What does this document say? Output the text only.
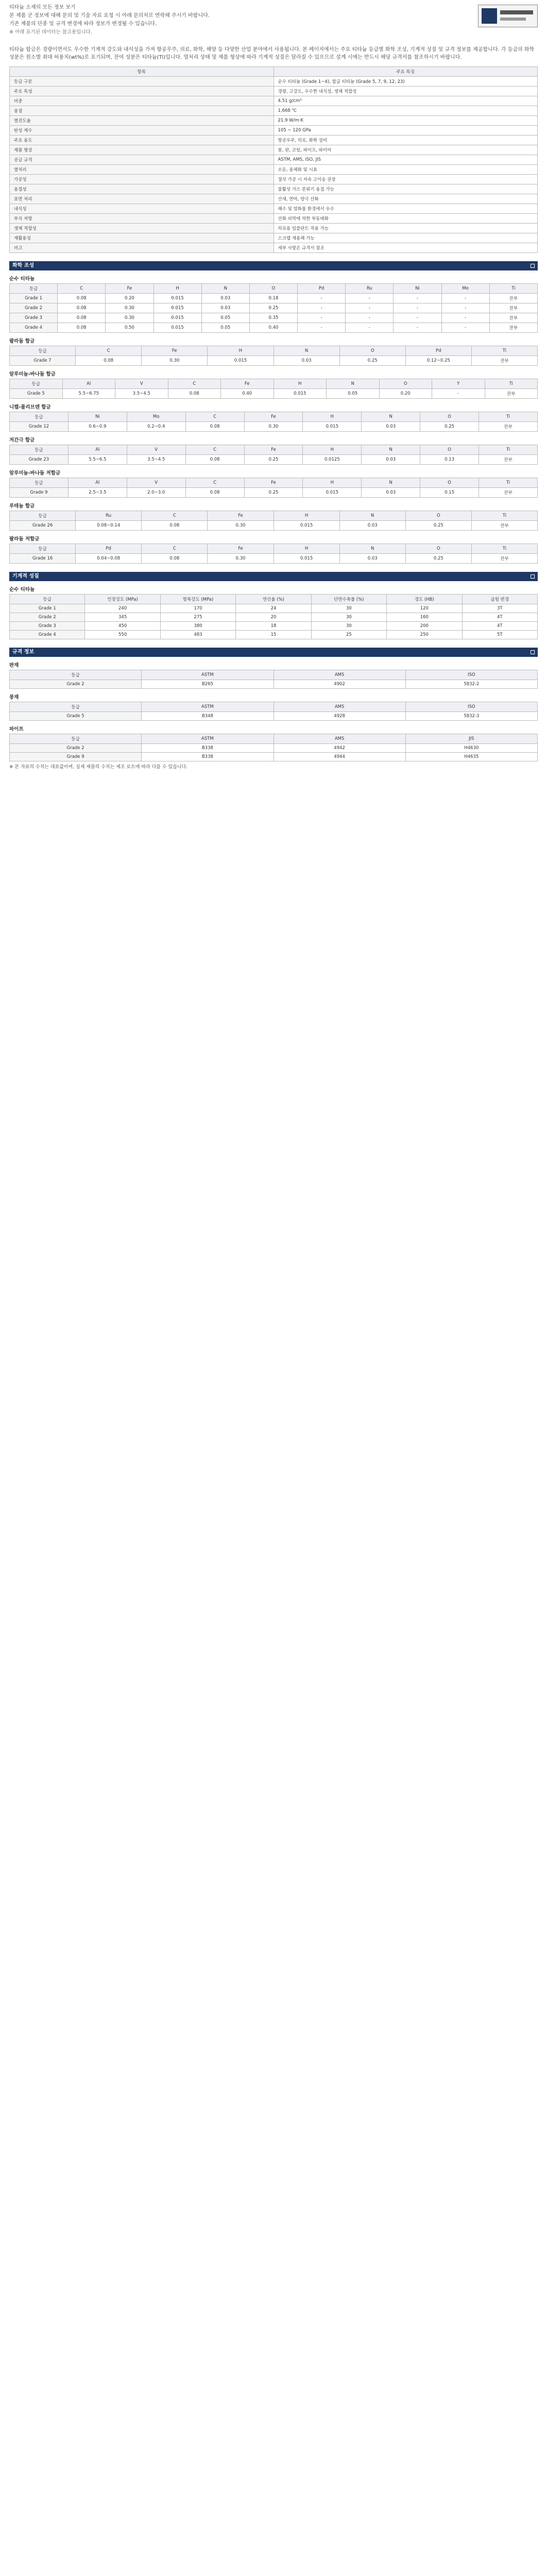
티타늄 소재의 모든 정보 보기

본 제품 군 정보에 대해 문의 및 기술 자료 요청 시 아래 문의처로 연락해 주시기 바랍니다.

기존 제품의 단종 및 규격 변경에 따라 정보가 변경될 수 있습니다.

※ 아래 표기된 데이터는 참고용입니다.

티타늄 합금은 경량이면서도 우수한 기계적 강도와 내식성을 가져 항공우주, 의료, 화학, 해양 등 다양한 산업 분야에서 사용됩니다. 본 페이지에서는 주요 티타늄 등급별 화학 조성, 기계적 성질 및 규격 정보를 제공합니다. 각 등급의 화학 성분은 원소별 최대 허용치(wt%)로 표기되며, 잔여 성분은 티타늄(Ti)입니다. 열처리 상태 및 제품 형상에 따라 기계적 성질은 달라질 수 있으므로 설계 시에는 반드시 해당 규격서를 참조하시기 바랍니다.

항목	주요 특징
등급 구분	순수 티타늄 (Grade 1~4), 합금 티타늄 (Grade 5, 7, 9, 12, 23)
주요 특성	경량, 고강도, 우수한 내식성, 생체 적합성
비중	4.51 g/cm³
융점	1,668 ℃
열전도율	21.9 W/m·K
탄성 계수	105 ~ 120 GPa
주요 용도	항공우주, 의료, 화학 설비
제품 형상	봉, 판, 코일, 파이프, 와이어
공급 규격	ASTM, AMS, ISO, JIS
열처리	소둔, 용체화 및 시효
가공성	절삭 가공 시 저속 고이송 권장
용접성	불활성 가스 분위기 용접 가능
표면 처리	산세, 연마, 양극 산화
내식성	해수 및 염화물 환경에서 우수
부식 저항	산화 피막에 의한 부동태화
생체 적합성	의료용 임플란트 적용 가능
재활용성	스크랩 재용해 가능
비고	세부 사항은 규격서 참조
화학 조성
순수 티타늄
등급	C	Fe	H	N	O	Pd	Ru	Ni	Mo	Ti
Grade 1	0.08	0.20	0.015	0.03	0.18	-	-	-	-	잔부
Grade 2	0.08	0.30	0.015	0.03	0.25	-	-	-	-	잔부
Grade 3	0.08	0.30	0.015	0.05	0.35	-	-	-	-	잔부
Grade 4	0.08	0.50	0.015	0.05	0.40	-	-	-	-	잔부
팔라듐 합금
등급	C	Fe	H	N	O	Pd	Ti
Grade 7	0.08	0.30	0.015	0.03	0.25	0.12~0.25	잔부
알루미늄-바나듐 합금
등급	Al	V	C	Fe	H	N	O	Y	Ti
Grade 5	5.5~6.75	3.5~4.5	0.08	0.40	0.015	0.05	0.20	-	잔부
니켈-몰리브덴 합금
등급	Ni	Mo	C	Fe	H	N	O	Ti
Grade 12	0.6~0.9	0.2~0.4	0.08	0.30	0.015	0.03	0.25	잔부
저간극 합금
등급	Al	V	C	Fe	H	N	O	Ti
Grade 23	5.5~6.5	3.5~4.5	0.08	0.25	0.0125	0.03	0.13	잔부
알루미늄-바나듐 저합금
등급	Al	V	C	Fe	H	N	O	Ti
Grade 9	2.5~3.5	2.0~3.0	0.08	0.25	0.015	0.03	0.15	잔부
루테늄 합금
등급	Ru	C	Fe	H	N	O	Ti
Grade 26	0.08~0.14	0.08	0.30	0.015	0.03	0.25	잔부
팔라듐 저합금
등급	Pd	C	Fe	H	N	O	Ti
Grade 16	0.04~0.08	0.08	0.30	0.015	0.03	0.25	잔부
기계적 성질
순수 티타늄
등급	인장강도 (MPa)	항복강도 (MPa)	연신율 (%)	단면수축률 (%)	경도 (HB)	굽힘 반경
Grade 1	240	170	24	30	120	3T
Grade 2	345	275	20	30	160	4T
Grade 3	450	380	18	30	200	4T
Grade 4	550	483	15	25	250	5T
규격 정보
판재
등급	ASTM	AMS	ISO
Grade 2	B265	4902	5832-2
봉재
등급	ASTM	AMS	ISO
Grade 5	B348	4928	5832-3
파이프
등급	ASTM	AMS	JIS
Grade 2	B338	4942	H4630
Grade 9	B338	4944	H4635

※ 본 자료의 수치는 대표값이며, 실제 제품의 수치는 제조 로트에 따라 다를 수 있습니다.
